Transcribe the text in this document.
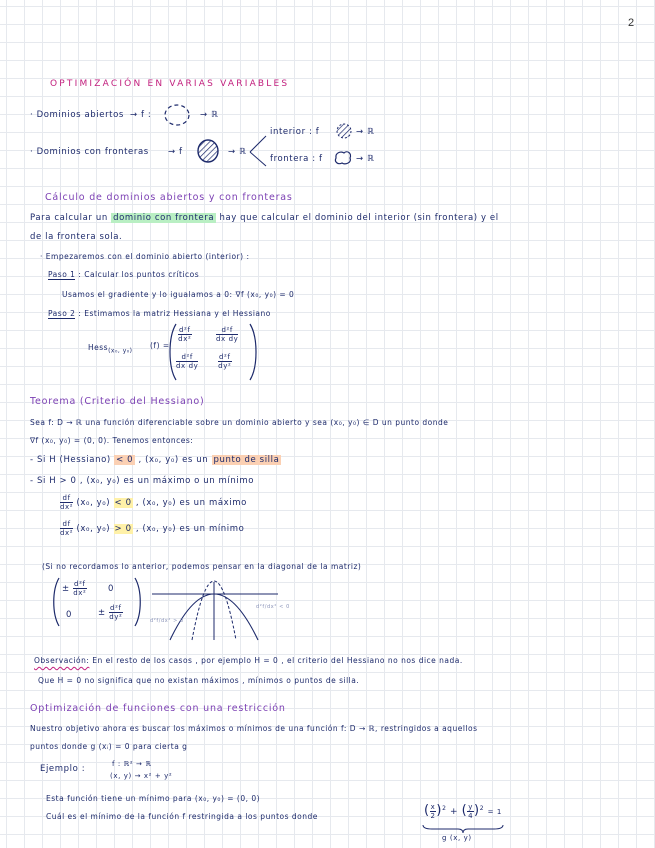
2
OPTIMIZACIÓN EN VARIAS VARIABLES
· Dominios abiertos → f :	→ ℝ
· Dominios con fronteras → f	→ ℝ
interior : f	→ ℝ
frontera : f	→ ℝ
Cálculo de dominios abiertos y con fronteras
Para calcular un dominio con frontera hay que calcular el dominio del interior (sin frontera) y el
de la frontera sola.
· Empezaremos con el dominio abierto (interior) :
Paso 1 : Calcular los puntos críticos
Usamos el gradiente y lo igualamos a 0: ∇f (x₀, y₀) = 0
Paso 2 : Estimamos la matriz Hessiana y el Hessiano
Hess$_{(x_0, y_0)}$
(f) =
$\frac{\text{d²f}}{\text{dx²}}$	$\frac{\text{d²f}}{\text{dx dy}}$
$\frac{\text{d²f}}{\text{dx dy}}$	$\frac{\text{d²f}}{\text{dy²}}$
Teorema (Criterio del Hessiano)
Sea f: D → ℝ una función diferenciable sobre un dominio abierto y sea (x₀, y₀) ∈ D un punto donde
∇f (x₀, y₀) = (0, 0). Tenemos entonces:
- Si H (Hessiano) < 0 , (x₀, y₀) es un punto de silla
- Si H > 0 , (x₀, y₀) es un máximo o un mínimo
$\frac{df}{\text{dx²}} (x_0$, y₀) < 0 , (x₀, y₀) es un máximo
$\frac{df}{\text{dx²}} (x_0$, y₀) > 0 , (x₀, y₀) es un mínimo
(Si no recordamos lo anterior, podemos pensar en la diagonal de la matriz)
± $\frac{\text{d²f}}{\text{dx²}}$	0
0	± $\frac{\text{d²f}}{\text{dy²}}$	d²f/dx² < 0
d²f/dx² > 0
Observación: En el resto de los casos , por ejemplo H = 0 , el criterio del Hessiano no nos dice nada.
Que H = 0 no significa que no existan máximos , mínimos o puntos de silla.
Optimización de funciones con una restricción
Nuestro objetivo ahora es buscar los máximos o mínimos de una función f: D → ℝ, restringidos a aquellos
puntos donde g (xᵢ) = 0 para cierta g
Ejemplo :	f : ℝ² → ℝ
(x, y) → x² + y²
Esta función tiene un mínimo para (x₀, y₀) = (0, 0)
Cuál es el mínimo de la función f restringida a los puntos donde	( $\frac{x}{2} )^2$ + ( $\frac{y}{4} )^2 = 1$
g (x, y)
